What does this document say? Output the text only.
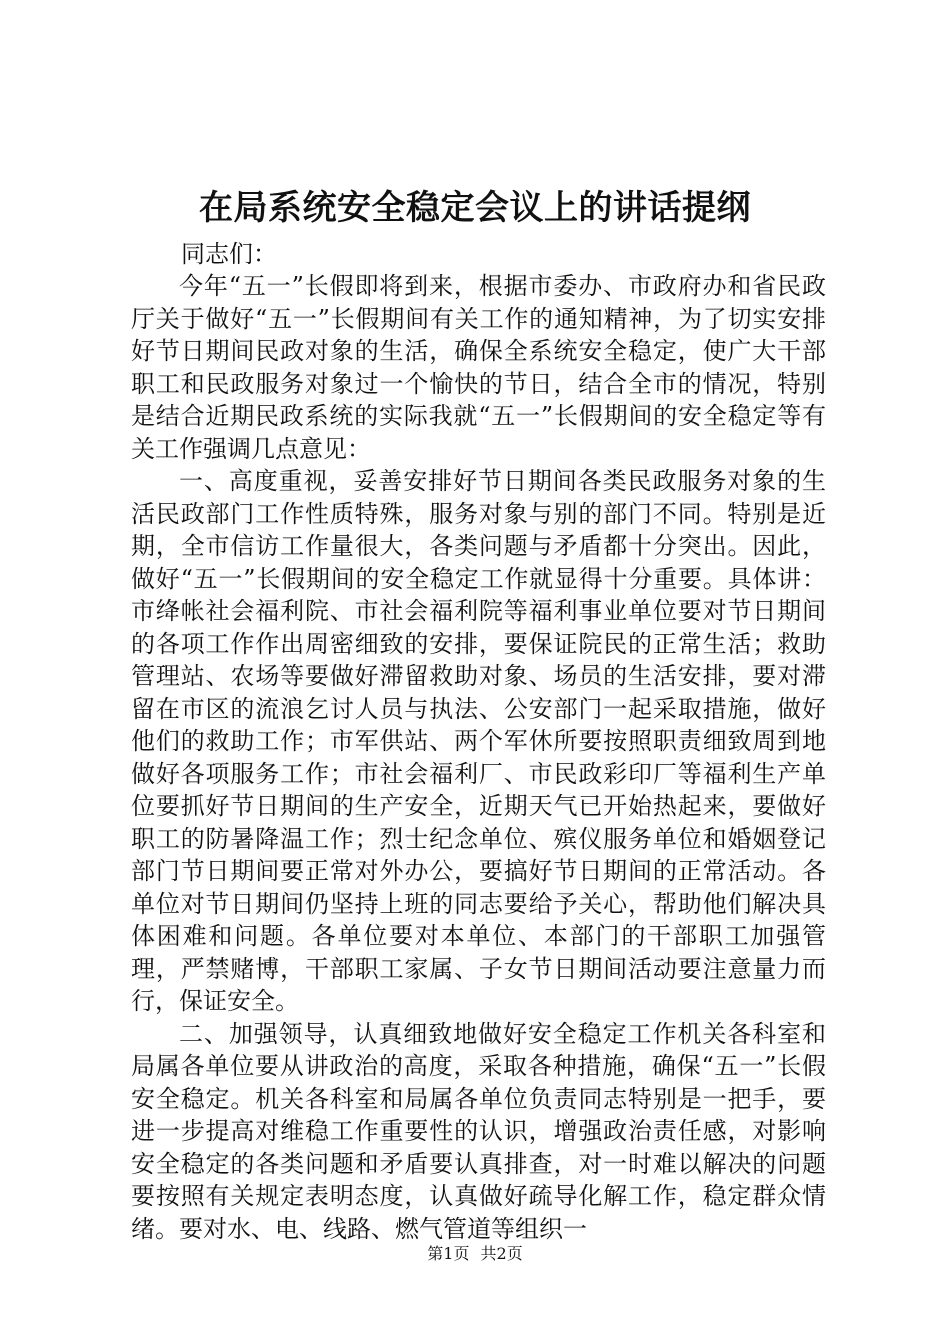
在局系统安全稳定会议上的讲话提纲

同志们：

今年“五一”长假即将到来，根据市委办、市政府办和省民政厅关于做好“五一”长假期间有关工作的通知精神，为了切实安排好节日期间民政对象的生活，确保全系统安全稳定，使广大干部职工和民政服务对象过一个愉快的节日，结合全市的情况，特别是结合近期民政系统的实际我就“五一”长假期间的安全稳定等有关工作强调几点意见：

一、高度重视，妥善安排好节日期间各类民政服务对象的生活民政部门工作性质特殊，服务对象与别的部门不同。特别是近期，全市信访工作量很大，各类问题与矛盾都十分突出。因此，做好“五一”长假期间的安全稳定工作就显得十分重要。具体讲：市绛帐社会福利院、市社会福利院等福利事业单位要对节日期间的各项工作作出周密细致的安排，要保证院民的正常生活；救助管理站、农场等要做好滞留救助对象、场员的生活安排，要对滞留在市区的流浪乞讨人员与执法、公安部门一起采取措施，做好他们的救助工作；市军供站、两个军休所要按照职责细致周到地做好各项服务工作；市社会福利厂、市民政彩印厂等福利生产单位要抓好节日期间的生产安全，近期天气已开始热起来，要做好职工的防暑降温工作；烈士纪念单位、殡仪服务单位和婚姻登记部门节日期间要正常对外办公，要搞好节日期间的正常活动。各单位对节日期间仍坚持上班的同志要给予关心，帮助他们解决具体困难和问题。各单位要对本单位、本部门的干部职工加强管理，严禁赌博，干部职工家属、子女节日期间活动要注意量力而行，保证安全。

二、加强领导，认真细致地做好安全稳定工作机关各科室和局属各单位要从讲政治的高度，采取各种措施，确保“五一”长假安全稳定。机关各科室和局属各单位负责同志特别是一把手，要进一步提高对维稳工作重要性的认识，增强政治责任感，对影响安全稳定的各类问题和矛盾要认真排查，对一时难以解决的问题要按照有关规定表明态度，认真做好疏导化解工作，稳定群众情绪。要对水、电、线路、燃气管道等组织一

第1页 共2页
